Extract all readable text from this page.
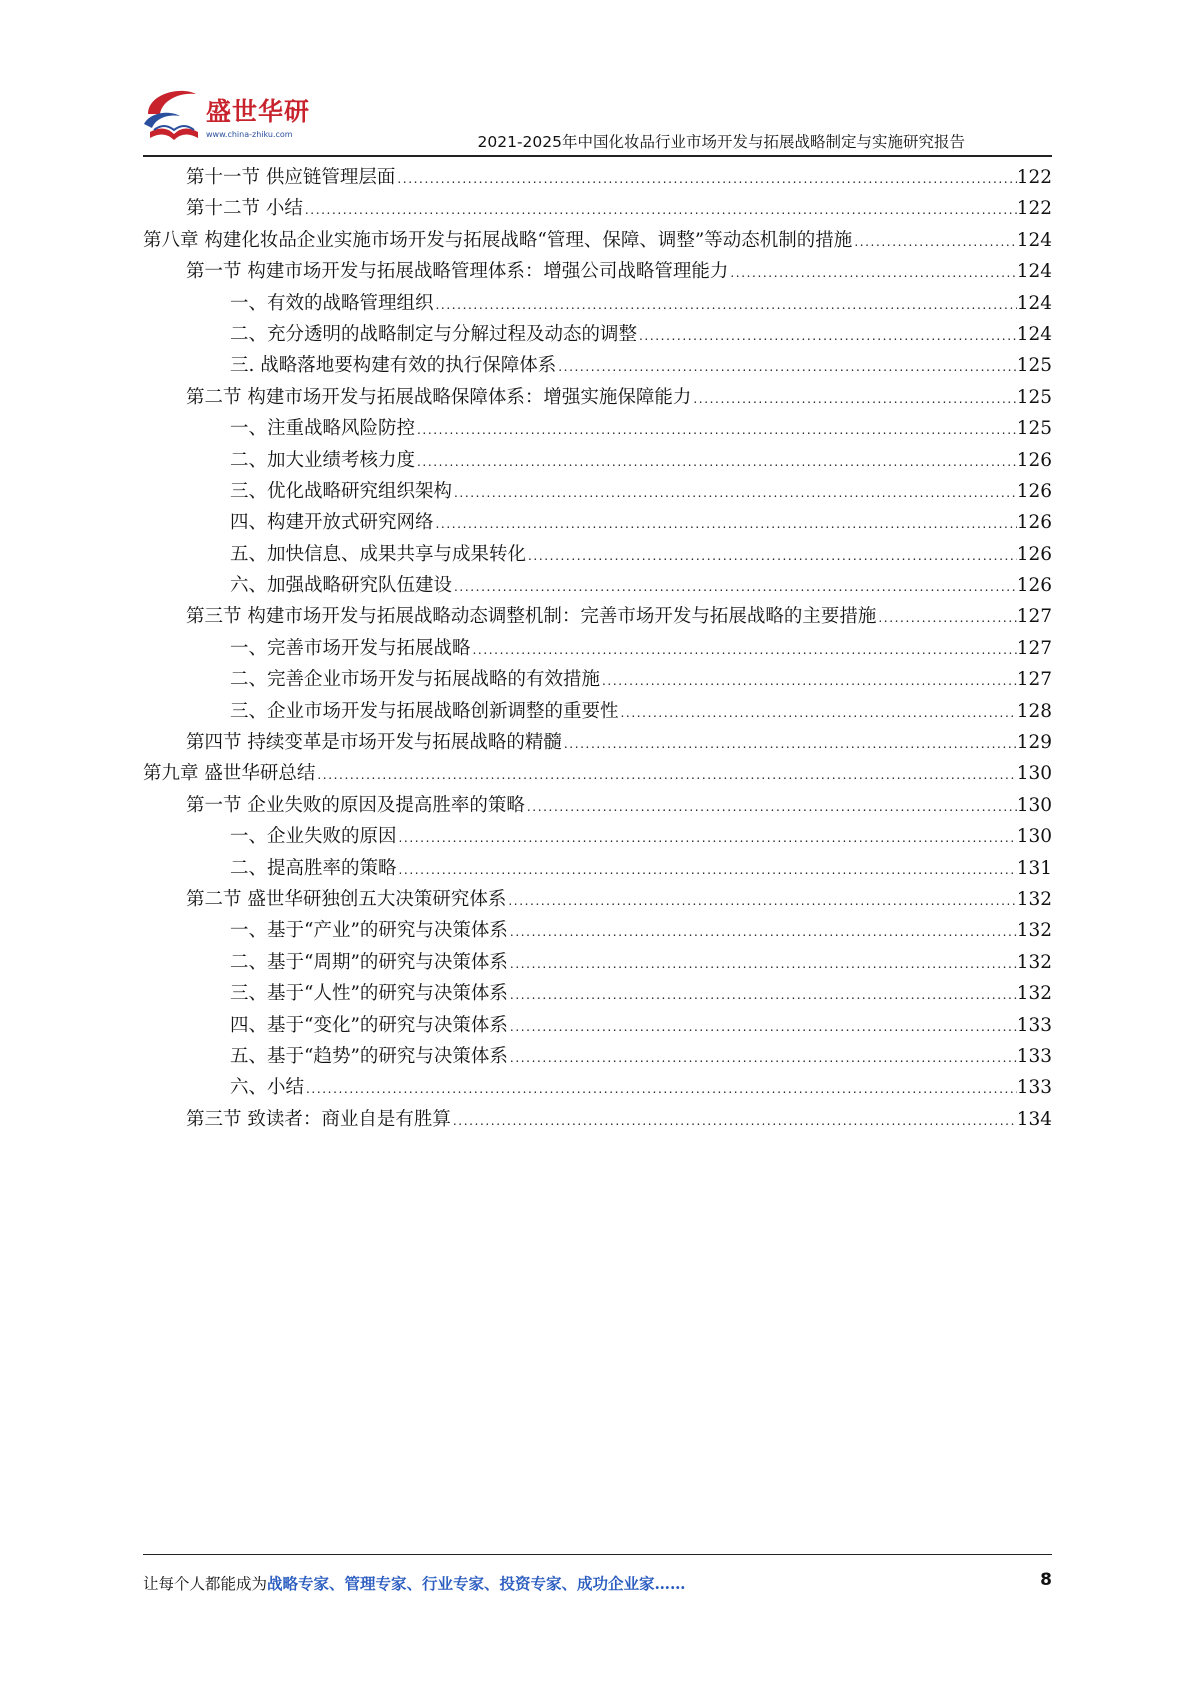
盛世华研
www.china-zhiku.com	2021-2025年中国化妆品行业市场开发与拓展战略制定与实施研究报告
第十一节 供应链管理层面 .....	122
第十二节 小结 .....	122
第八章 构建化妆品企业实施市场开发与拓展战略“管理、保障、调整”等动态机制的措施 .....	124
第一节 构建市场开发与拓展战略管理体系：增强公司战略管理能力 .....	124
一、有效的战略管理组织 .....	124
二、充分透明的战略制定与分解过程及动态的调整 .....	124
三. 战略落地要构建有效的执行保障体系 .....	125
第二节 构建市场开发与拓展战略保障体系：增强实施保障能力 .....	125
一、注重战略风险防控 .....	125
二、加大业绩考核力度 .....	126
三、优化战略研究组织架构 .....	126
四、构建开放式研究网络 .....	126
五、加快信息、成果共享与成果转化 .....	126
六、加强战略研究队伍建设 .....	126
第三节 构建市场开发与拓展战略动态调整机制：完善市场开发与拓展战略的主要措施 .....	127
一、完善市场开发与拓展战略 .....	127
二、完善企业市场开发与拓展战略的有效措施 .....	127
三、企业市场开发与拓展战略创新调整的重要性 .....	128
第四节 持续变革是市场开发与拓展战略的精髓 .....	129
第九章 盛世华研总结 .....	130
第一节 企业失败的原因及提高胜率的策略 .....	130
一、企业失败的原因 .....	130
二、提高胜率的策略 .....	131
第二节 盛世华研独创五大决策研究体系 .....	132
一、基于“产业”的研究与决策体系 .....	132
二、基于“周期”的研究与决策体系 .....	132
三、基于“人性”的研究与决策体系 .....	132
四、基于“变化”的研究与决策体系 .....	133
五、基于“趋势”的研究与决策体系 .....	133
六、小结 .....	133
第三节 致读者：商业自是有胜算 .....	134
让每个人都能成为战略专家、管理专家、行业专家、投资专家、成功企业家……	8
